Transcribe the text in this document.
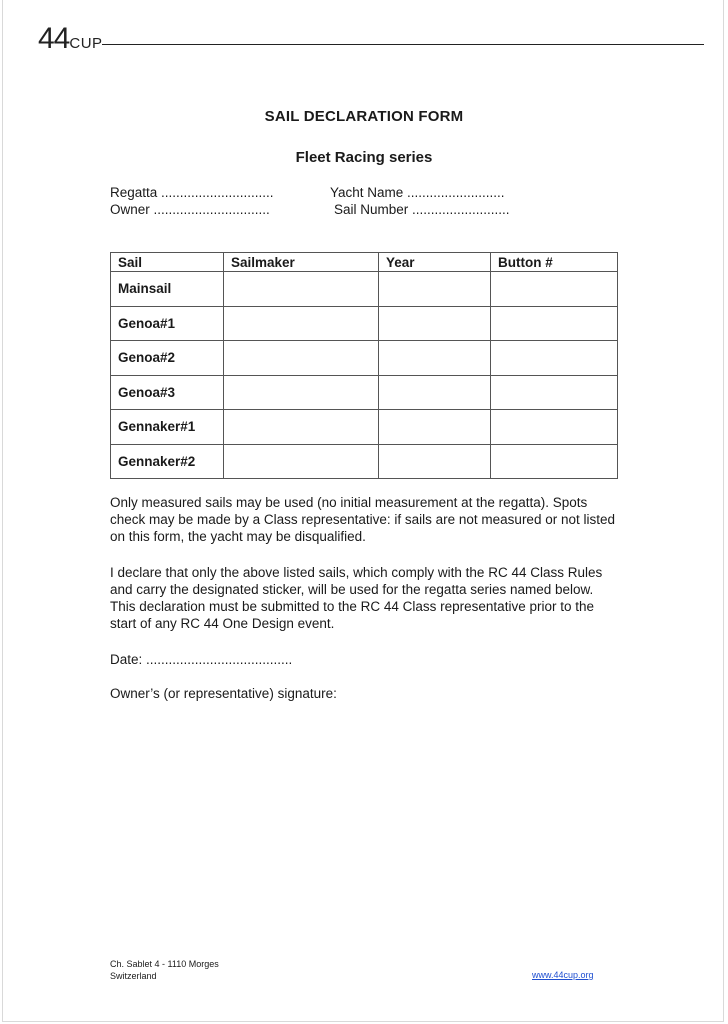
44CUP
SAIL DECLARATION FORM
Fleet Racing series
Regatta ..............................
Owner ...............................
Yacht Name ..........................
Sail Number ..........................
Sail	Sailmaker	Year	Button #
Mainsail			
Genoa#1			
Genoa#2			
Genoa#3			
Gennaker#1			
Gennaker#2			
Only measured sails may be used (no initial measurement at the regatta). Spots check may be made by a Class representative: if sails are not measured or not listed on this form, the yacht may be disqualified.
I declare that only the above listed sails, which comply with the RC 44 Class Rules and carry the designated sticker, will be used for the regatta series named below. This declaration must be submitted to the RC 44 Class representative prior to the start of any RC 44 One Design event.
Date: .......................................
Owner’s (or representative) signature:
Ch. Sablet 4 - 1110 Morges
Switzerland	www.44cup.org
